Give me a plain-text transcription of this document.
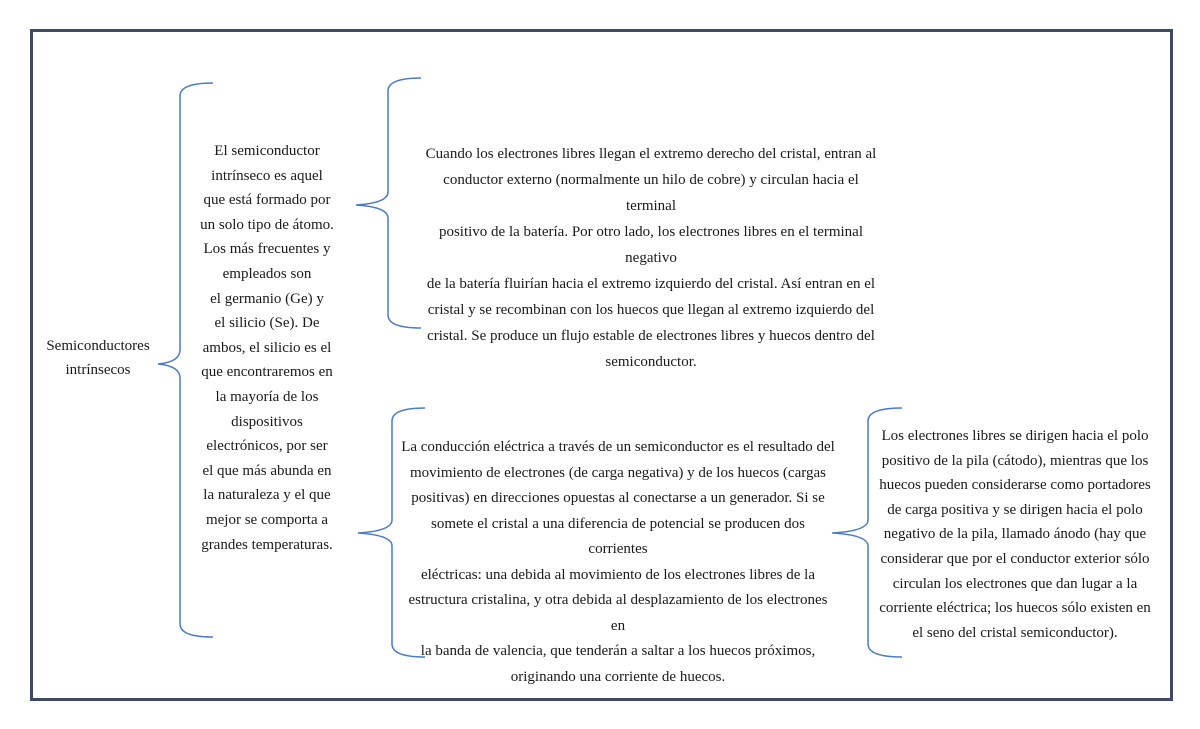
Semiconductores
intrínsecos
El semiconductor
intrínseco es aquel
que está formado por
un solo tipo de átomo.
Los más frecuentes y
empleados son
el germanio (Ge) y
el silicio (Se). De
ambos, el silicio es el
que encontraremos en
la mayoría de los
dispositivos
electrónicos, por ser
el que más abunda en
la naturaleza y el que
mejor se comporta a
grandes temperaturas.
Cuando los electrones libres llegan el extremo derecho del cristal, entran al
conductor externo (normalmente un hilo de cobre) y circulan hacia el terminal
positivo de la batería. Por otro lado, los electrones libres en el terminal negativo
de la batería fluirían hacia el extremo izquierdo del cristal. Así entran en el
cristal y se recombinan con los huecos que llegan al extremo izquierdo del
cristal. Se produce un flujo estable de electrones libres y huecos dentro del
semiconductor.
La conducción eléctrica a través de un semiconductor es el resultado del
movimiento de electrones (de carga negativa) y de los huecos (cargas
positivas) en direcciones opuestas al conectarse a un generador. Si se
somete el cristal a una diferencia de potencial se producen dos corrientes
eléctricas: una debida al movimiento de los electrones libres de la
estructura cristalina, y otra debida al desplazamiento de los electrones en
la banda de valencia, que tenderán a saltar a los huecos próximos,
originando una corriente de huecos.
Los electrones libres se dirigen hacia el polo
positivo de la pila (cátodo), mientras que los
huecos pueden considerarse como portadores
de carga positiva y se dirigen hacia el polo
negativo de la pila, llamado ánodo (hay que
considerar que por el conductor exterior sólo
circulan los electrones que dan lugar a la
corriente eléctrica; los huecos sólo existen en
el seno del cristal semiconductor).
